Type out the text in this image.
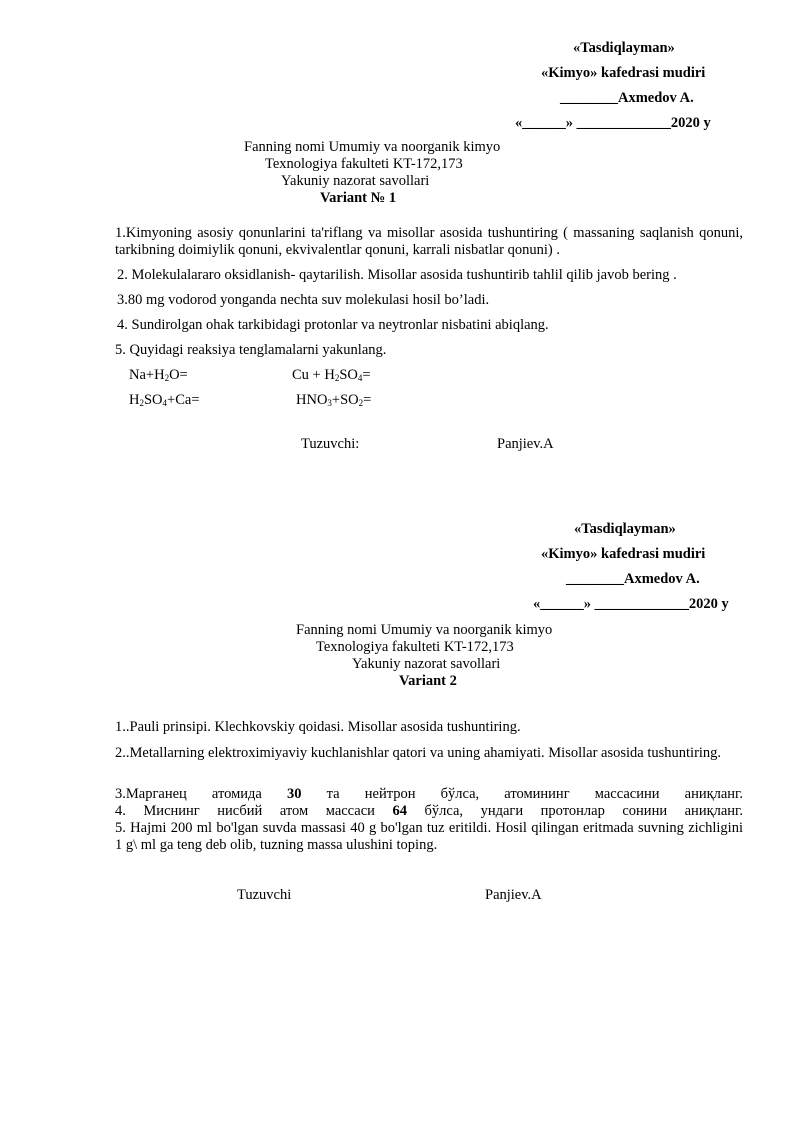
«Tasdiqlayman»
«Kimyo» kafedrasi mudiri
________Axmedov A.
«______» _____________2020 y
Fanning nomi Umumiy va noorganik kimyo
Texnologiya fakulteti KT-172,173
Yakuniy nazorat savollari
Variant № 1
1.Kimyoning asosiy qonunlarini ta'riflang va misollar asosida tushuntiring ( massaning saqlanish qonuni, tarkibning doimiylik qonuni, ekvivalentlar qonuni, karrali nisbatlar qonuni) .
2. Molekulalararo oksidlanish- qaytarilish. Misollar asosida tushuntirib tahlil qilib javob bering .
3.80 mg vodorod yonganda nechta suv molekulasi hosil bo’ladi.
4. Sundirolgan ohak tarkibidagi protonlar va neytronlar nisbatini abiqlang.
5. Quyidagi reaksiya tenglamalarni yakunlang.
$Na+H_2O=$	$Cu + H_2SO_4=$
$H_2SO_4+Ca=$	$HNO_3+SO_2=$
Tuzuvchi:	Panjiev.A
«Tasdiqlayman»
«Kimyo» kafedrasi mudiri
________Axmedov A.
«______» _____________2020 y
Fanning nomi Umumiy va noorganik kimyo
Texnologiya fakulteti KT-172,173
Yakuniy nazorat savollari
Variant 2
1..Pauli prinsipi. Klechkovskiy qoidasi. Misollar asosida tushuntiring.
2..Metallarning elektroximiyaviy kuchlanishlar qatori va uning ahamiyati. Misollar asosida tushuntiring.
3.Марганец атомида 30 та нейтрон бўлса, атомининг массасини аниқланг.
4. Миснинг нисбий атом массаси 64 бўлса, ундаги протонлар сонини аниқланг.
5. Hajmi 200 ml bo'lgan suvda massasi 40 g bo'lgan tuz eritildi. Hosil qilingan eritmada suvning zichligini 1 g\ ml ga teng deb olib, tuzning massa ulushini toping.
Tuzuvchi	Panjiev.A
